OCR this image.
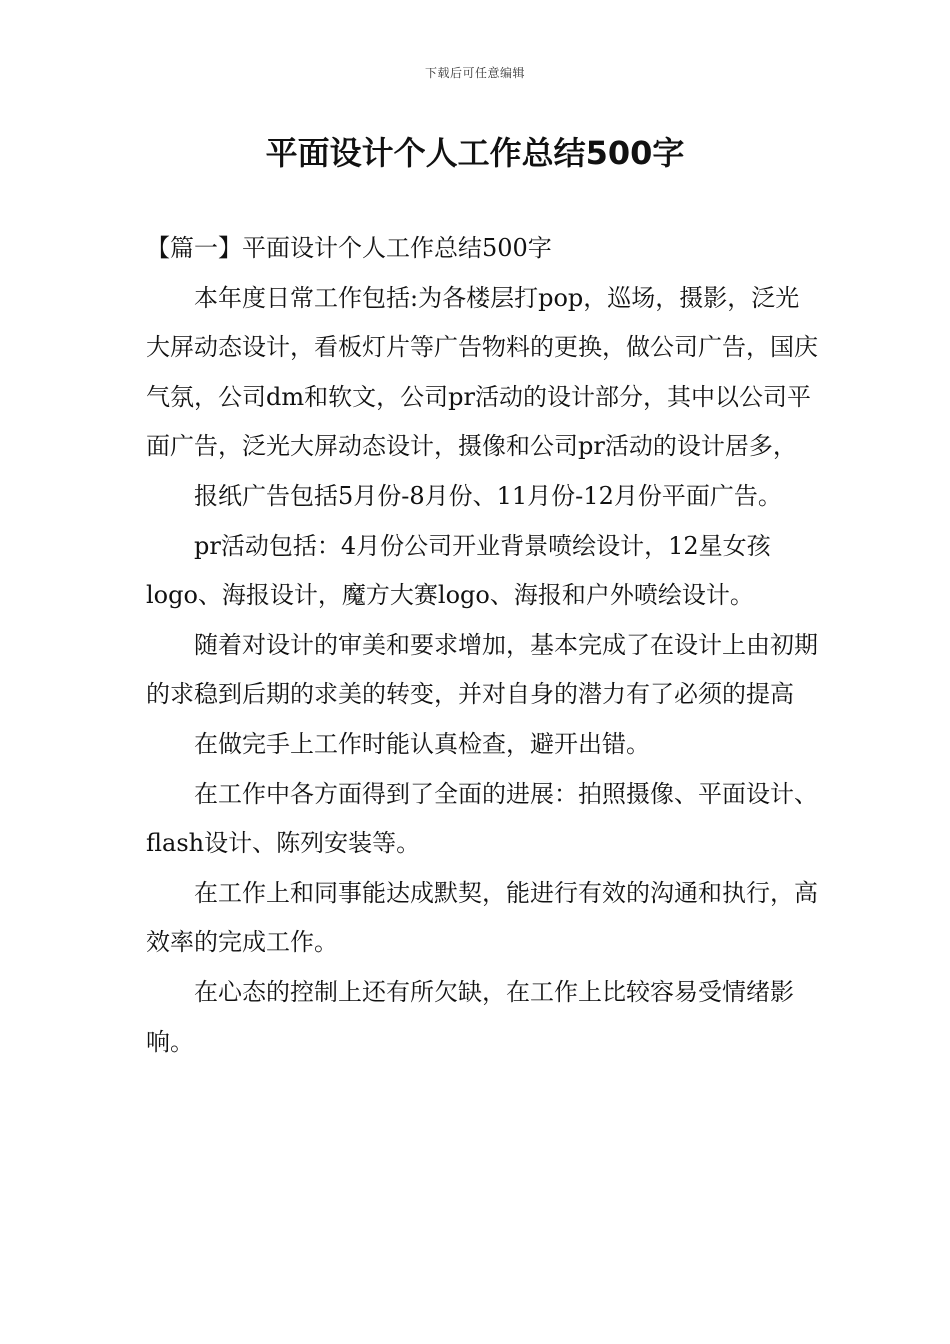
下载后可任意编辑
平面设计个人工作总结500字

【篇一】平面设计个人工作总结500字

本年度日常工作包括:为各楼层打pop，巡场，摄影，泛光大屏动态设计，看板灯片等广告物料的更换，做公司广告，国庆气氛，公司dm和软文，公司pr活动的设计部分，其中以公司平面广告，泛光大屏动态设计，摄像和公司pr活动的设计居多，

报纸广告包括5月份-8月份、11月份-12月份平面广告。

pr活动包括：4月份公司开业背景喷绘设计，12星女孩logo、海报设计，魔方大赛logo、海报和户外喷绘设计。

随着对设计的审美和要求增加，基本完成了在设计上由初期的求稳到后期的求美的转变，并对自身的潜力有了必须的提高

在做完手上工作时能认真检查，避开出错。

在工作中各方面得到了全面的进展：拍照摄像、平面设计、flash设计、陈列安装等。

在工作上和同事能达成默契，能进行有效的沟通和执行，高效率的完成工作。

在心态的控制上还有所欠缺，在工作上比较容易受情绪影响。
